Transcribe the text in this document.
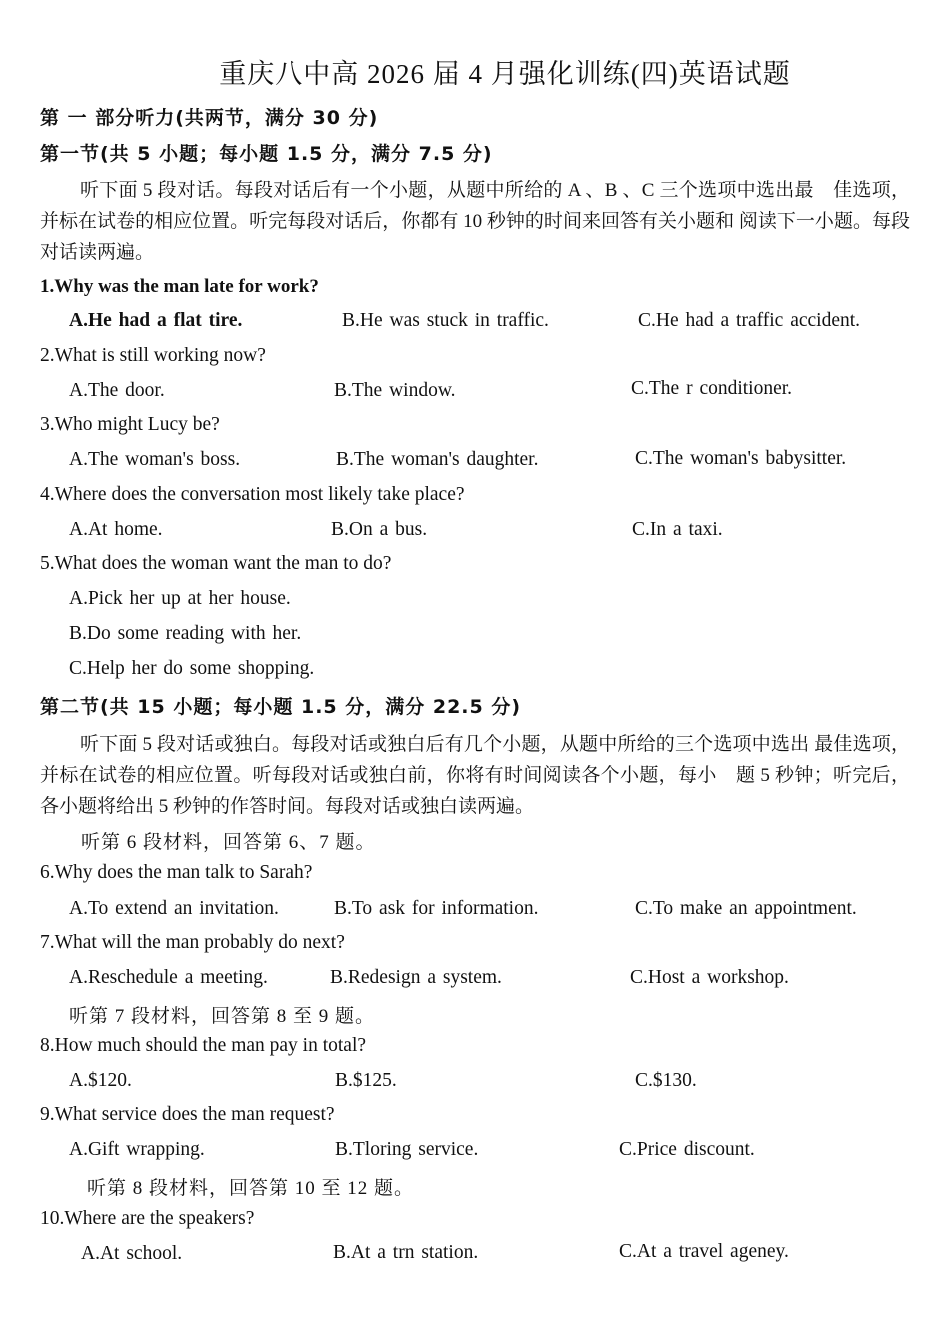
重庆八中高 2026 届 4 月强化训练(四)英语试题
第 一 部分听力(共两节，满分 30 分)
第一节(共 5 小题；每小题 1.5 分，满分 7.5 分)
听下面 5 段对话。每段对话后有一个小题，从题中所给的 A 、B 、C 三个选项中选出最　佳选项，并标在试卷的相应位置。听完每段对话后，你都有 10 秒钟的时间来回答有关小题和 阅读下一小题。每段对话读两遍。
1.Why was the man late for work?
A.He had a flat tire.	B.He was stuck in traffic.	C.He had a traffic accident.
2.What is still working now?
A.The door.	B.The window.	C.The r conditioner.
3.Who might Lucy be?
A.The woman's boss.	B.The woman's daughter.	C.The woman's babysitter.
4.Where does the conversation most likely take place?
A.At home.	B.On a bus.	C.In a taxi.
5.What does the woman want the man to do?
A.Pick her up at her house.
B.Do some reading with her.
C.Help her do some shopping.
第二节(共 15 小题；每小题 1.5 分，满分 22.5 分)
听下面 5 段对话或独白。每段对话或独白后有几个小题，从题中所给的三个选项中选出 最佳选项，并标在试卷的相应位置。听每段对话或独白前，你将有时间阅读各个小题，每小　题 5 秒钟；听完后，各小题将给出 5 秒钟的作答时间。每段对话或独白读两遍。
听第 6 段材料，回答第 6、7 题。
6.Why does the man talk to Sarah?
A.To extend an invitation.	B.To ask for information.	C.To make an appointment.
7.What will the man probably do next?
A.Reschedule a meeting.	B.Redesign a system.	C.Host a workshop.
听第 7 段材料，回答第 8 至 9 题。
8.How much should the man pay in total?
A.$120.	B.$125.	C.$130.
9.What service does the man request?
A.Gift wrapping.	B.Tloring service.	C.Price discount.
听第 8 段材料，回答第 10 至 12 题。
10.Where are the speakers?
A.At school.	B.At a trn station.	C.At a travel ageney.
